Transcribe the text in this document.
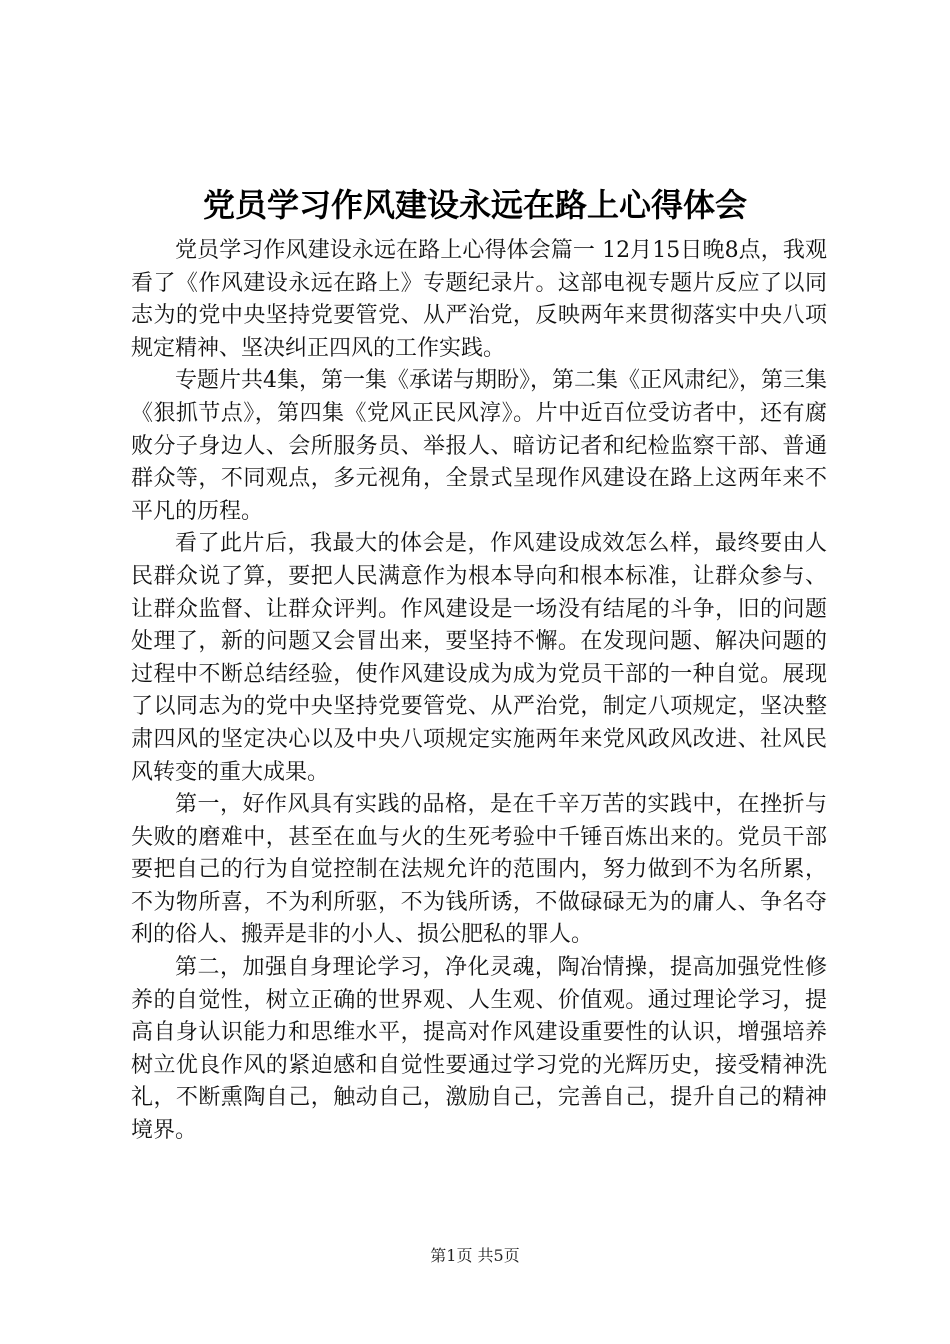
党员学习作风建设永远在路上心得体会

党员学习作风建设永远在路上心得体会篇一 12月15日晚8点，我观看了《作风建设永远在路上》专题纪录片。这部电视专题片反应了以同志为的党中央坚持党要管党、从严治党，反映两年来贯彻落实中央八项规定精神、坚决纠正四风的工作实践。

专题片共4集，第一集《承诺与期盼》，第二集《正风肃纪》，第三集《狠抓节点》，第四集《党风正民风淳》。片中近百位受访者中，还有腐败分子身边人、会所服务员、举报人、暗访记者和纪检监察干部、普通群众等，不同观点，多元视角，全景式呈现作风建设在路上这两年来不平凡的历程。

看了此片后，我最大的体会是，作风建设成效怎么样，最终要由人民群众说了算，要把人民满意作为根本导向和根本标准，让群众参与、让群众监督、让群众评判。作风建设是一场没有结尾的斗争，旧的问题处理了，新的问题又会冒出来，要坚持不懈。在发现问题、解决问题的过程中不断总结经验，使作风建设成为成为党员干部的一种自觉。展现了以同志为的党中央坚持党要管党、从严治党，制定八项规定，坚决整肃四风的坚定决心以及中央八项规定实施两年来党风政风改进、社风民风转变的重大成果。

第一，好作风具有实践的品格，是在千辛万苦的实践中，在挫折与失败的磨难中，甚至在血与火的生死考验中千锤百炼出来的。党员干部要把自己的行为自觉控制在法规允许的范围内，努力做到不为名所累，不为物所喜，不为利所驱，不为钱所诱，不做碌碌无为的庸人、争名夺利的俗人、搬弄是非的小人、损公肥私的罪人。

第二，加强自身理论学习，净化灵魂，陶冶情操，提高加强党性修养的自觉性，树立正确的世界观、人生观、价值观。通过理论学习，提高自身认识能力和思维水平，提高对作风建设重要性的认识，增强培养树立优良作风的紧迫感和自觉性要通过学习党的光辉历史，接受精神洗礼，不断熏陶自己，触动自己，激励自己，完善自己，提升自己的精神境界。

第1页 共5页
